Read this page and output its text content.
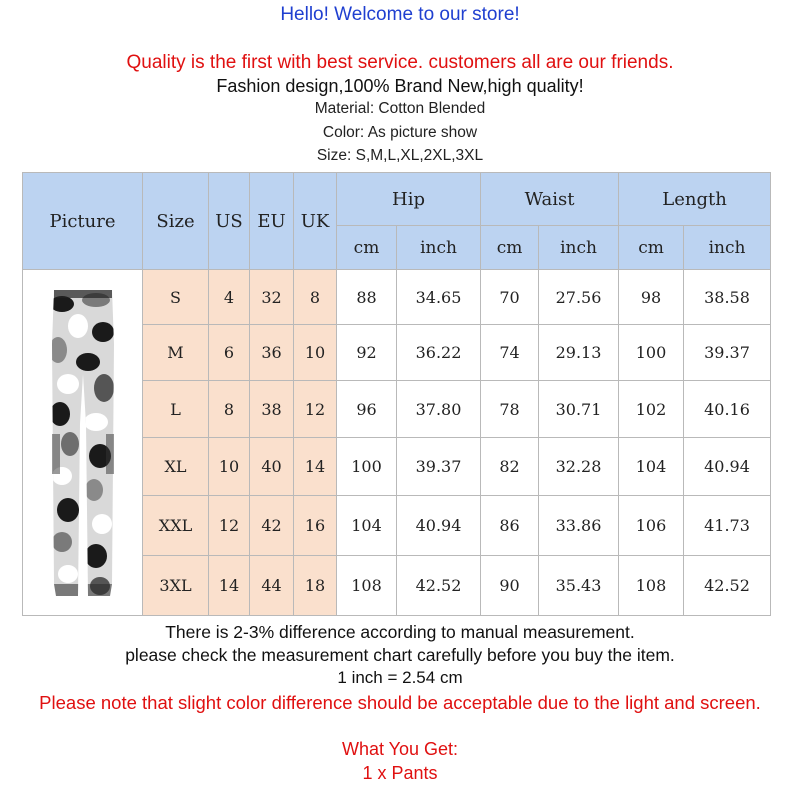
Hello! Welcome to our store!
Quality is the first with best service. customers all are our friends.
Fashion design,100% Brand New,high quality!
Material: Cotton Blended
Color: As picture show
Size: S,M,L,XL,2XL,3XL
Picture	Size	US	EU	UK	Hip		Waist		Length	
					cm	inch	cm	inch	cm	inch

	S	4	32	8	88	34.65	70	27.56	98	38.58
	M	6	36	10	92	36.22	74	29.13	100	39.37
	L	8	38	12	96	37.80	78	30.71	102	40.16
	XL	10	40	14	100	39.37	82	32.28	104	40.94
	XXL	12	42	16	104	40.94	86	33.86	106	41.73
	3XL	14	44	18	108	42.52	90	35.43	108	42.52
There is 2-3% difference according to manual measurement.
please check the measurement chart carefully before you buy the item.
1 inch = 2.54 cm
Please note that slight color difference should be acceptable due to the light and screen.
What You Get:
1 x Pants
